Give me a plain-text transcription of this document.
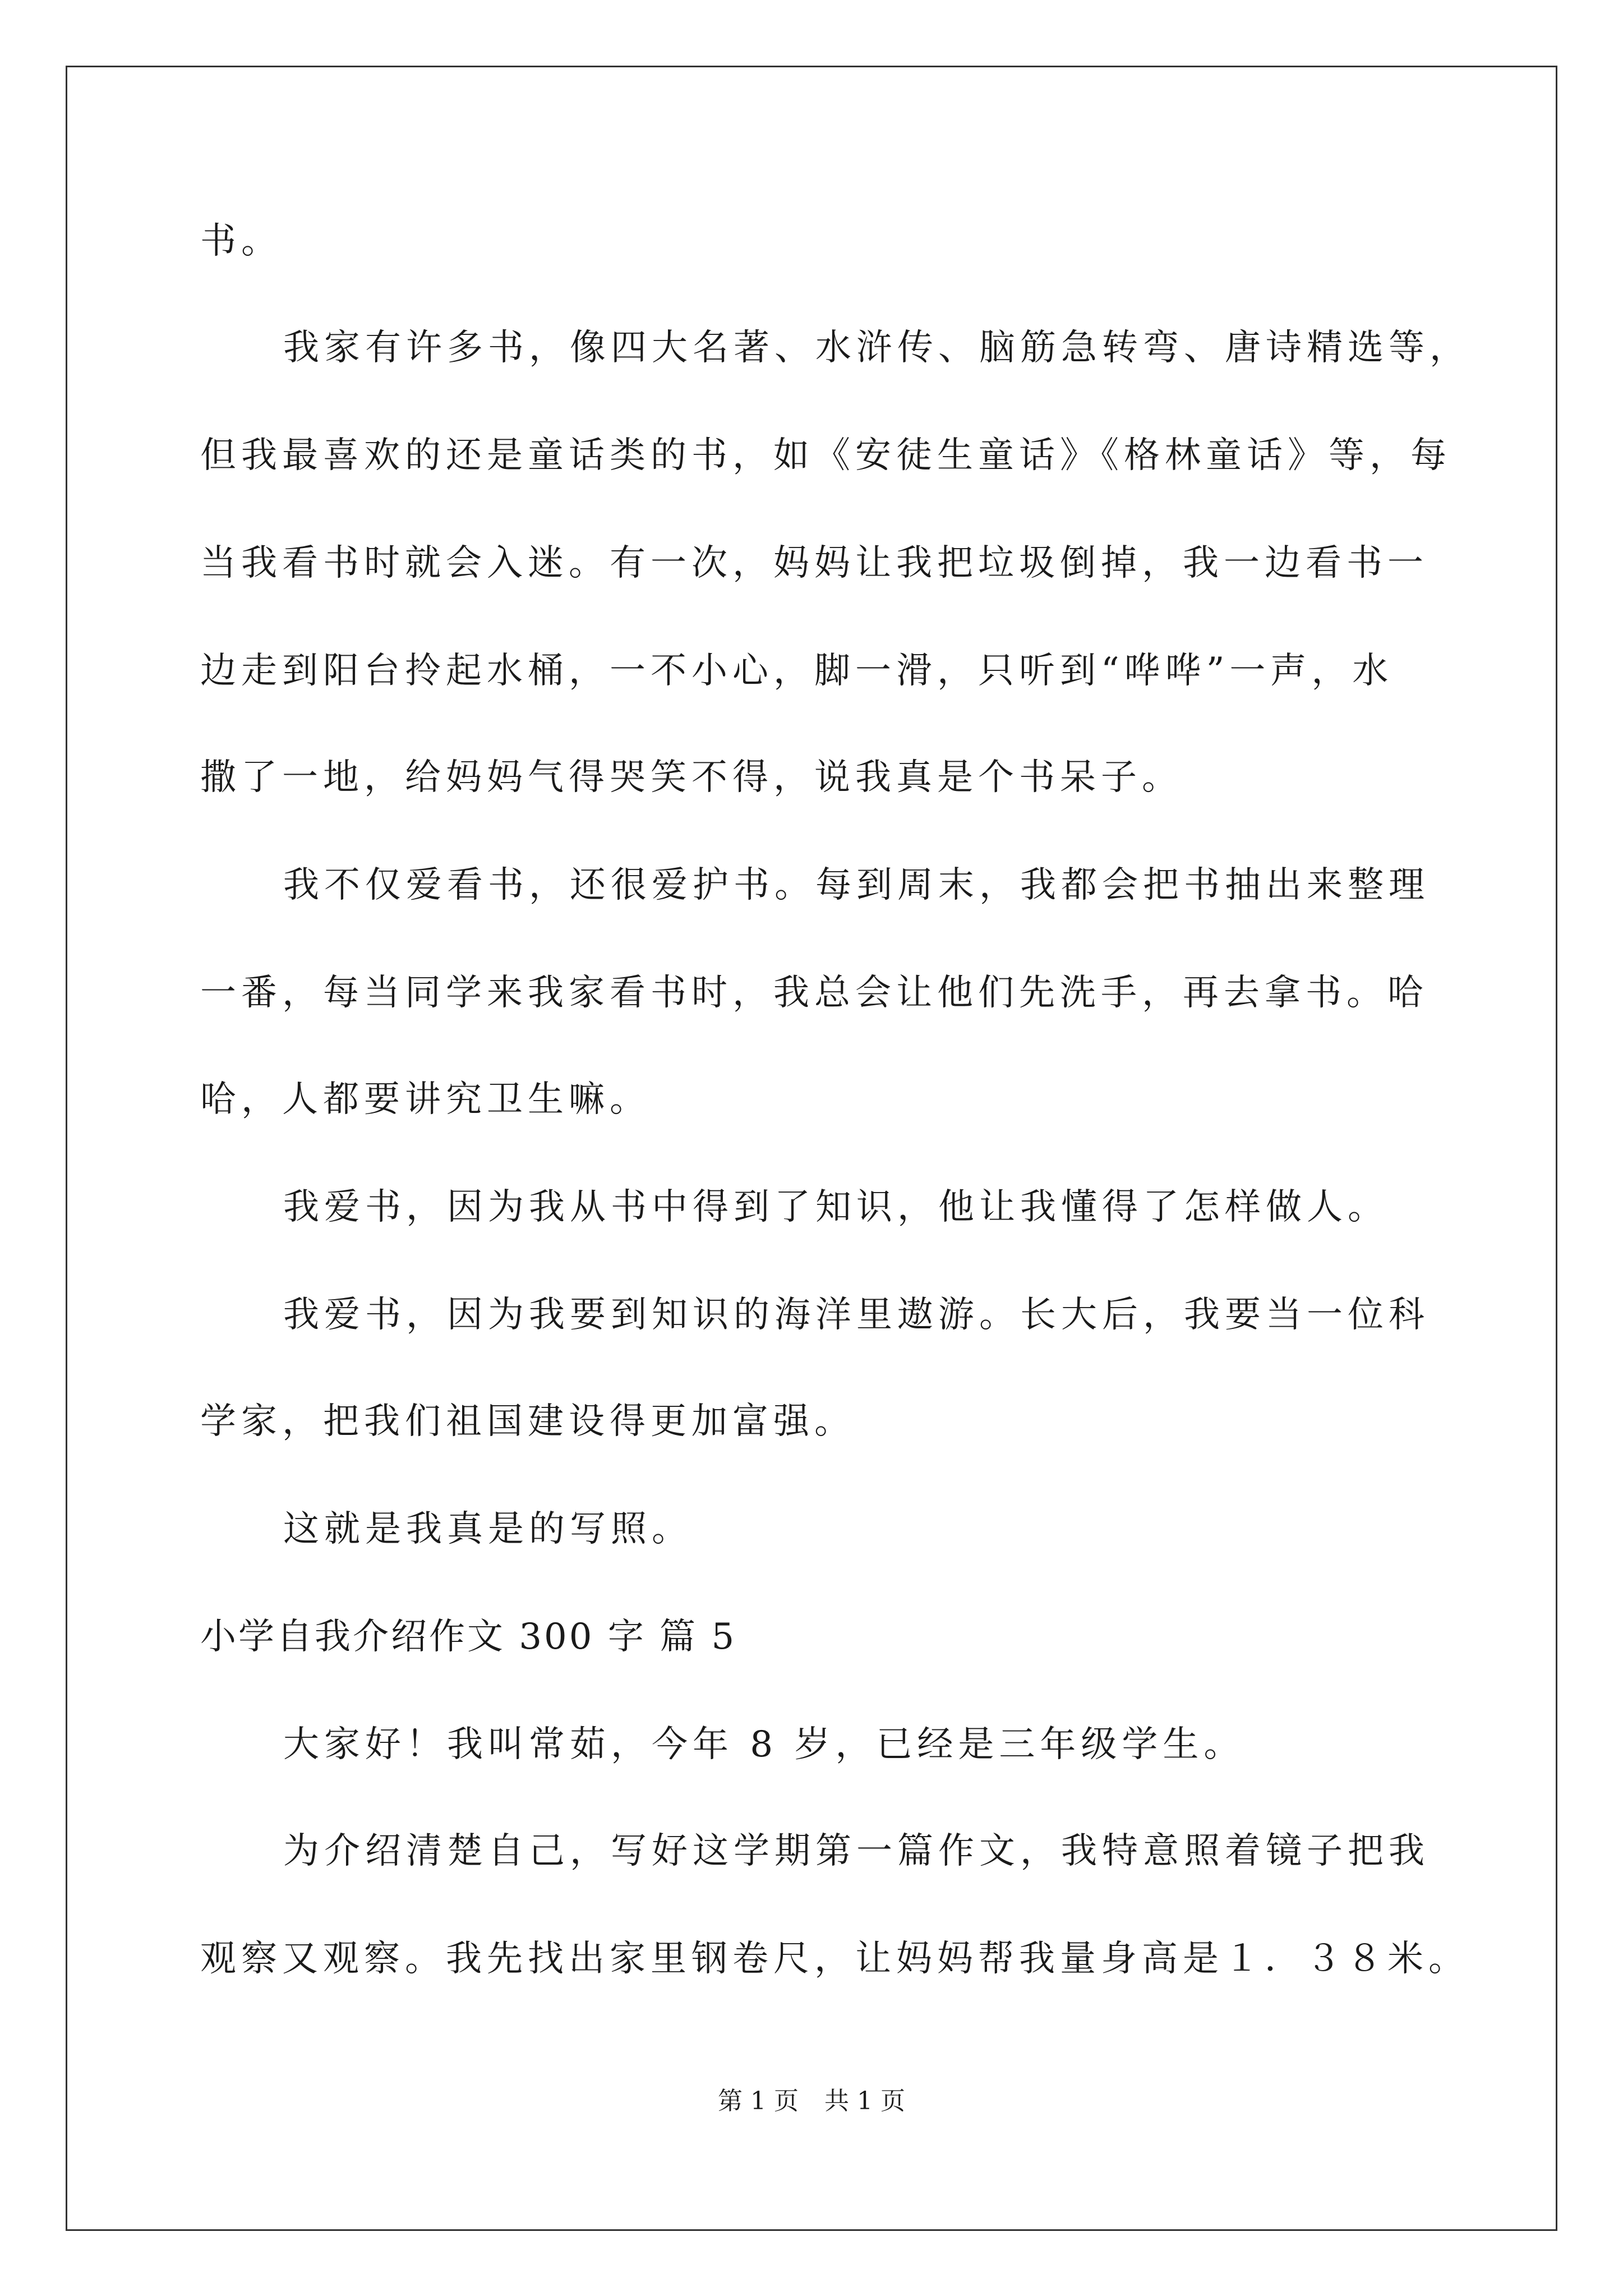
书。
我家有许多书，像四大名著、水浒传、脑筋急转弯、唐诗精选等，
但我最喜欢的还是童话类的书，如《安徒生童话》《格林童话》等，每
当我看书时就会入迷。有一次，妈妈让我把垃圾倒掉，我一边看书一
边走到阳台拎起水桶，一不小心，脚一滑，只听到“哗哗”一声，水
撒了一地，给妈妈气得哭笑不得，说我真是个书呆子。
我不仅爱看书，还很爱护书。每到周末，我都会把书抽出来整理
一番，每当同学来我家看书时，我总会让他们先洗手，再去拿书。哈
哈，人都要讲究卫生嘛。
我爱书，因为我从书中得到了知识，他让我懂得了怎样做人。
我爱书，因为我要到知识的海洋里遨游。长大后，我要当一位科
学家，把我们祖国建设得更加富强。
这就是我真是的写照。
小学自我介绍作文 300 字 篇 5
大家好！我叫常茹，今年 8 岁，已经是三年级学生。
为介绍清楚自己，写好这学期第一篇作文，我特意照着镜子把我
观察又观察。我先找出家里钢卷尺，让妈妈帮我量身高是１．３８米。
第 1 页 共 1 页
